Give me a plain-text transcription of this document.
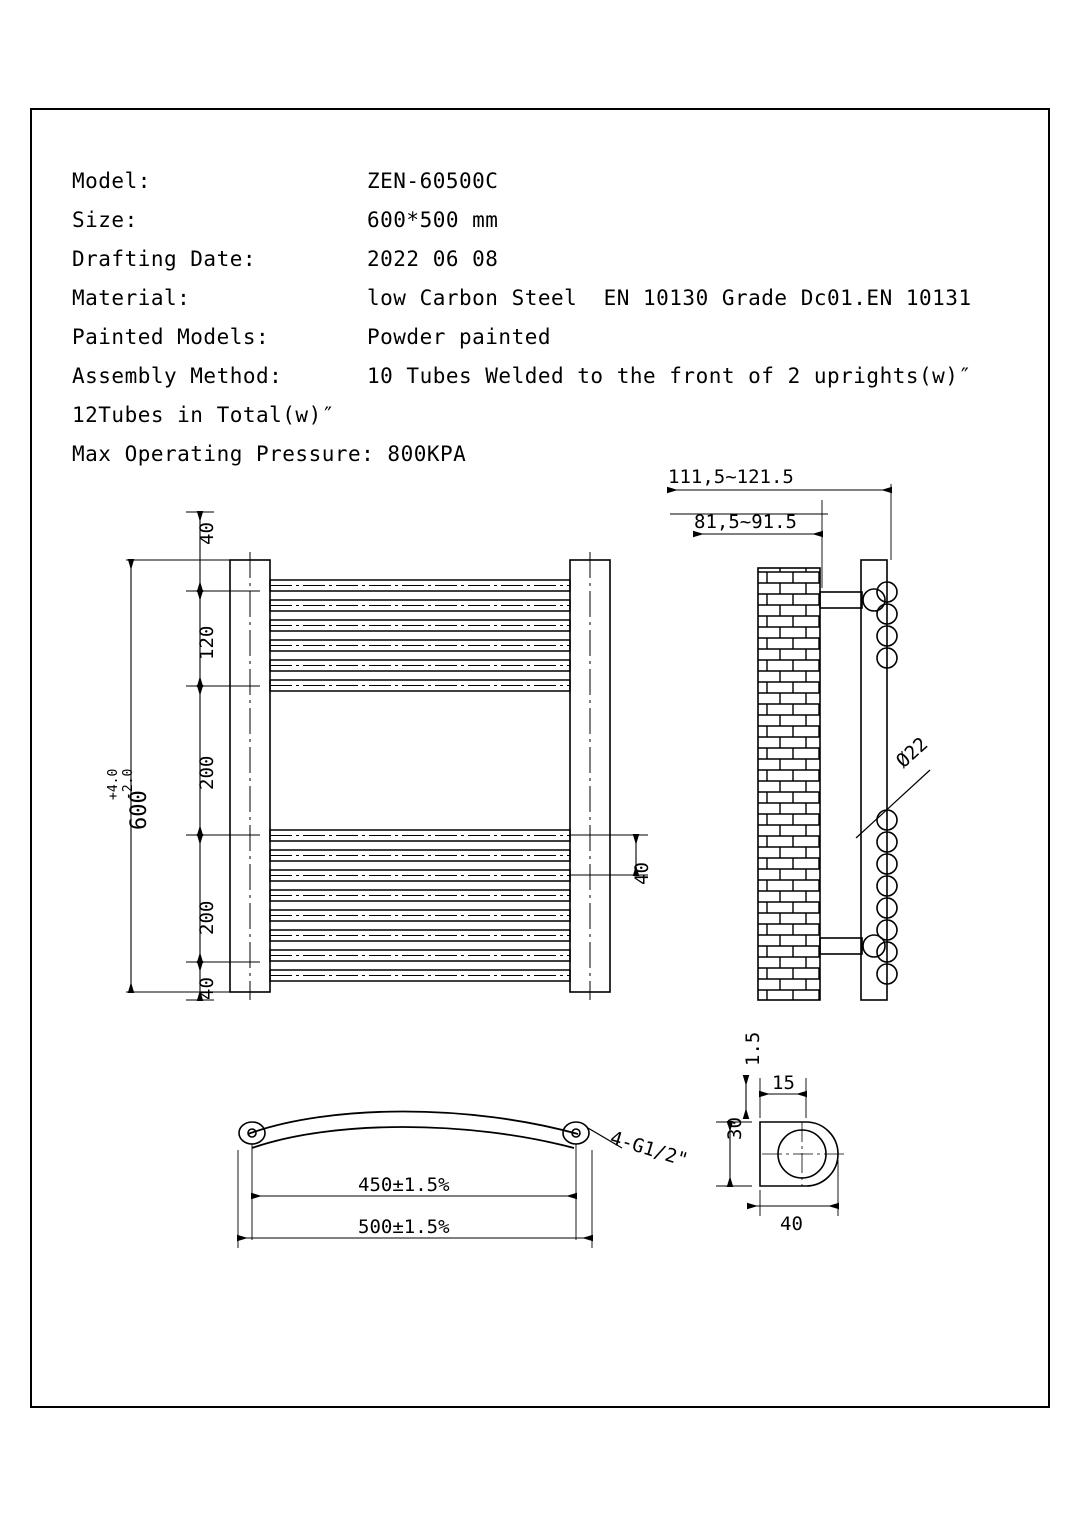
Model:	ZEN-60500C
Size:	600*500 mm
Drafting Date:	2022 06 08
Material:	low Carbon Steel  EN 10130 Grade Dc01.EN 10131
Painted Models:	Powder painted
Assembly Method:	10 Tubes Welded to the front of 2 uprights(w)″
12Tubes in Total(w)″
Max Operating Pressure: 800KPA
40
120
200
200
40
600
+4.0 -2.0
40
111,5~121.5
81,5~91.5
Ø22
450±1.5%
500±1.5%
4-G1/2"
1.5
15
30
40
